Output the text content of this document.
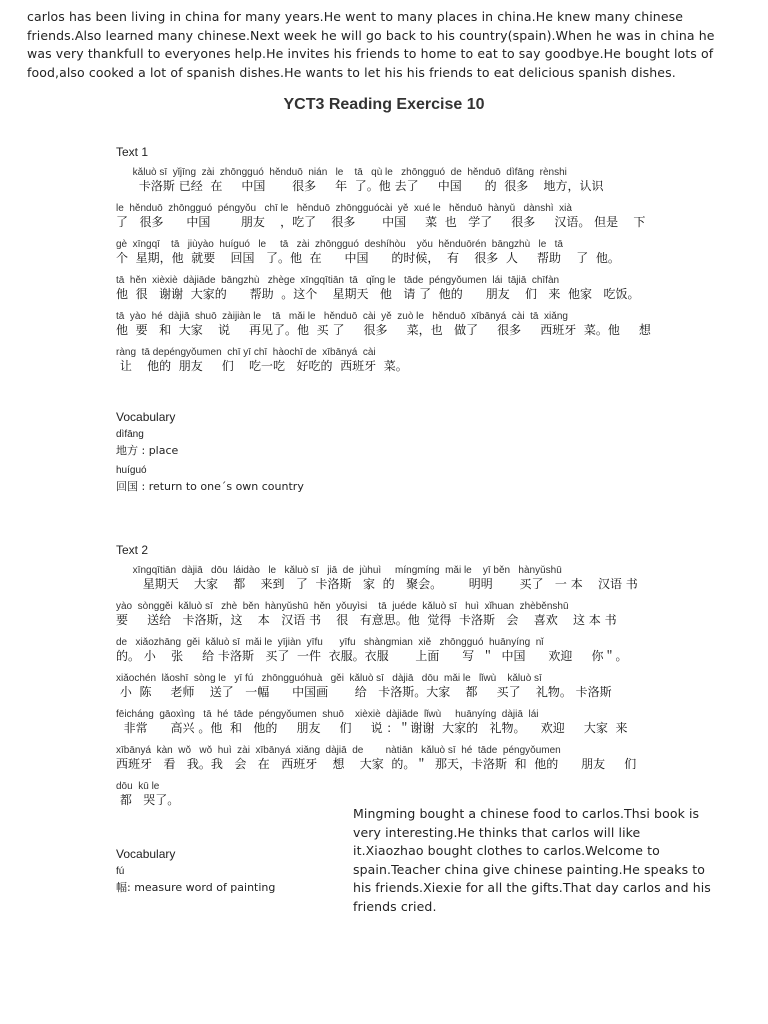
carlos has been living in china for many years.He went to many places in china.He knew many chinese friends.Also learned many chinese.Next week he will go back to his country(spain).When he was in china he was very thankfull to everyones help.He invites his friends to home to eat to say goodbye.He bought lots of food,also cooked a lot of spanish dishes.He wants to let his his friends to eat delicious spanish dishes.
YCT3 Reading Exercise 10
Text 1
kǎluò sī  yǐjīng  zài  zhōngguó  hěnduō  nián   le    tā   qù le   zhōngguó  de  hěnduō  dìfāng  rènshi
卡洛斯 已经  在     中国       很多     年  了。他 去了     中国      的  很多    地方，认识
le  hěnduō  zhōngguó  péngyǒu   chī le   hěnduō  zhōngguócài  yě  xué le   hěnduō  hànyǔ   dànshì  xià
了   很多      中国        朋友    ，吃了    很多       中国     菜  也   学了     很多     汉语。 但是    下
gè  xīngqī    tā   jiùyào  huíguó   le     tā   zài  zhōngguó  deshíhòu    yǒu  hěnduōrén  bāngzhù   le   tā
个  星期，他  就要    回国   了。他  在      中国      的时候，  有    很多  人     帮助    了  他。
tā  hěn  xièxiè  dàjiāde  bāngzhù   zhège  xīngqītiān  tā   qǐng le   tāde  péngyǒumen  lái  tājiā  chīfàn
他  很   谢谢  大家的      帮助  。这个    星期天   他   请 了  他的      朋友    们   来  他家   吃饭。
tā  yào  hé  dàjiā  shuō  zàijiàn le    tā   mǎi le   hěnduō  cài  yě  zuò le   hěnduō  xībānyá  cài  tā  xiǎng
他  要   和  大家    说     再见了。他  买 了     很多     菜，也   做了     很多     西班牙  菜。他     想
ràng  tā depéngyǒumen  chī yī chī  hàochī de  xībānyá  cài
让    他的  朋友     们    吃一吃   好吃的  西班牙  菜。
Vocabulary
dìfāng
地方 : place
huíguó
回国 : return to one´s own country
Text 2
xīngqītiān  dàjiā   dōu  láidào   le   kǎluò sī   jiā  de  jùhuì     míngmíng  mǎi le    yī běn   hànyǔshū
星期天    大家    都    来到   了  卡洛斯   家  的   聚会。       明明       买了   一 本    汉语 书
yào  sònggěi  kǎluò sī   zhè  běn  hànyǔshū  hěn  yǒuyìsi    tā  juéde  kǎluò sī   huì  xǐhuan  zhèběnshū
要     送给   卡洛斯，这    本   汉语 书    很   有意思。他  觉得  卡洛斯   会    喜欢    这 本 书
de   xiǎozhāng  gěi  kǎluò sī  mǎi le  yījiàn  yīfu      yīfu   shàngmian  xiě   zhōngguó  huānyíng  nǐ
的。 小    张     给 卡洛斯   买了  一件  衣服。衣服       上面      写  ＂  中国      欢迎     你＂。
xiǎochén  lǎoshī  sòng le   yī fú   zhōngguóhuà   gěi  kǎluò sī   dàjiā   dōu  mǎi le   lǐwù    kǎluò sī
小  陈     老师    送了   一幅      中国画       给   卡洛斯。大家    都     买了    礼物。 卡洛斯
fēicháng  gāoxìng   tā  hé  tāde  péngyǒumen  shuō    xièxiè  dàjiāde  lǐwù     huānyíng  dàjiā  lái
非常      高兴 。他  和   他的     朋友     们     说 ：＂谢谢  大家的   礼物。    欢迎     大家  来
xībānyá  kàn  wǒ   wǒ  huì  zài  xībānyá  xiǎng  dàjiā  de        nàtiān   kǎluò sī  hé  tāde  péngyǒumen
西班牙   看   我。我   会   在   西班牙    想    大家  的。＂  那天，卡洛斯  和  他的      朋友     们
dōu  kū le
都   哭了。
Vocabulary
fú
幅: measure word of painting
Mingming bought a chinese food to carlos.Thsi book is very interesting.He thinks that carlos will like it.Xiaozhao bought clothes to carlos.Welcome to spain.Teacher china give chinese painting.He speaks to his friends.Xiexie for all the gifts.That day carlos and his friends cried.
